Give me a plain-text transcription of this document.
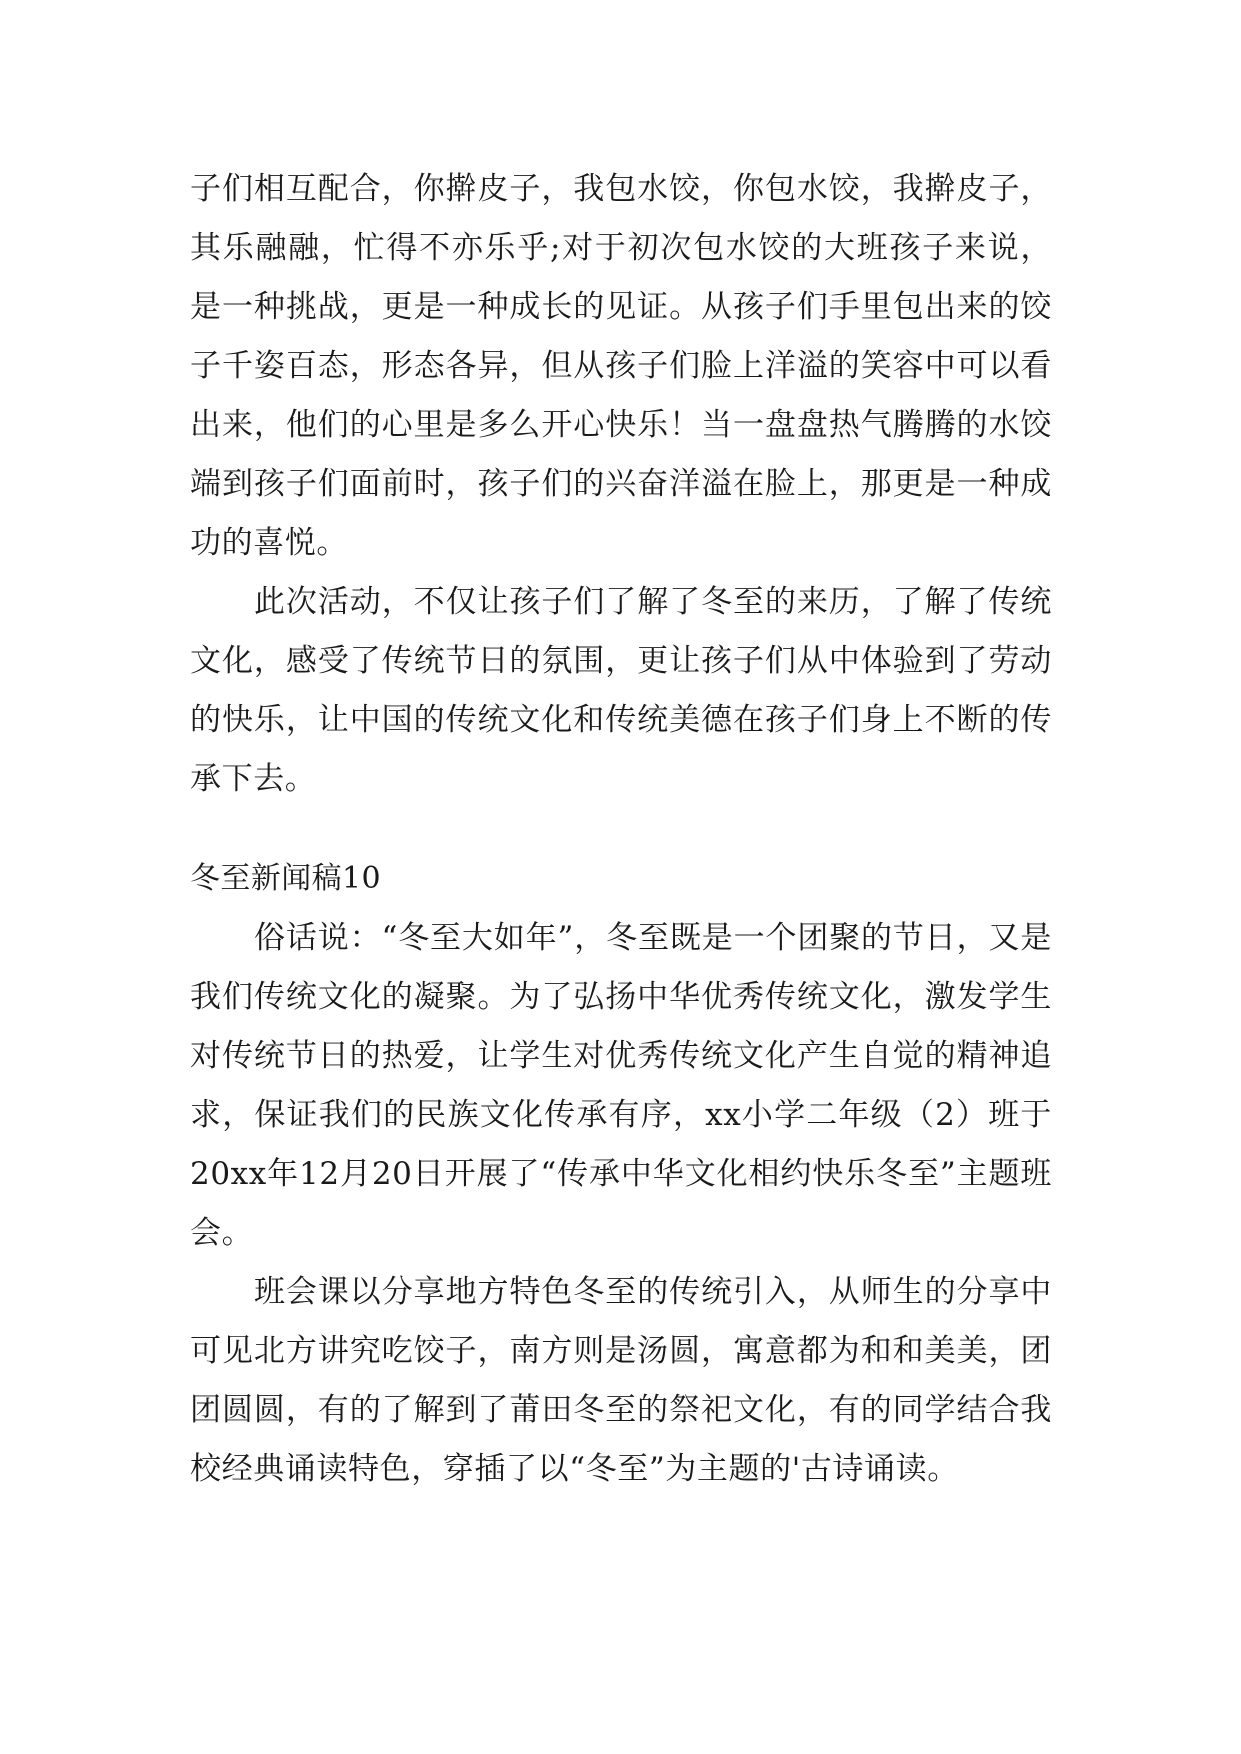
子们相互配合，你擀皮子，我包水饺，你包水饺，我擀皮子，其乐融融，忙得不亦乐乎;对于初次包水饺的大班孩子来说，是一种挑战，更是一种成长的见证。从孩子们手里包出来的饺子千姿百态，形态各异，但从孩子们脸上洋溢的笑容中可以看出来，他们的心里是多么开心快乐！当一盘盘热气腾腾的水饺端到孩子们面前时，孩子们的兴奋洋溢在脸上，那更是一种成功的喜悦。

此次活动，不仅让孩子们了解了冬至的来历，了解了传统文化，感受了传统节日的氛围，更让孩子们从中体验到了劳动的快乐，让中国的传统文化和传统美德在孩子们身上不断的传承下去。

冬至新闻稿10

俗话说：“冬至大如年”，冬至既是一个团聚的节日，又是我们传统文化的凝聚。为了弘扬中华优秀传统文化，激发学生对传统节日的热爱，让学生对优秀传统文化产生自觉的精神追求，保证我们的民族文化传承有序，xx小学二年级（2）班于20xx年12月20日开展了“传承中华文化相约快乐冬至”主题班会。

班会课以分享地方特色冬至的传统引入，从师生的分享中可见北方讲究吃饺子，南方则是汤圆，寓意都为和和美美，团团圆圆，有的了解到了莆田冬至的祭祀文化，有的同学结合我校经典诵读特色，穿插了以“冬至”为主题的'古诗诵读。
